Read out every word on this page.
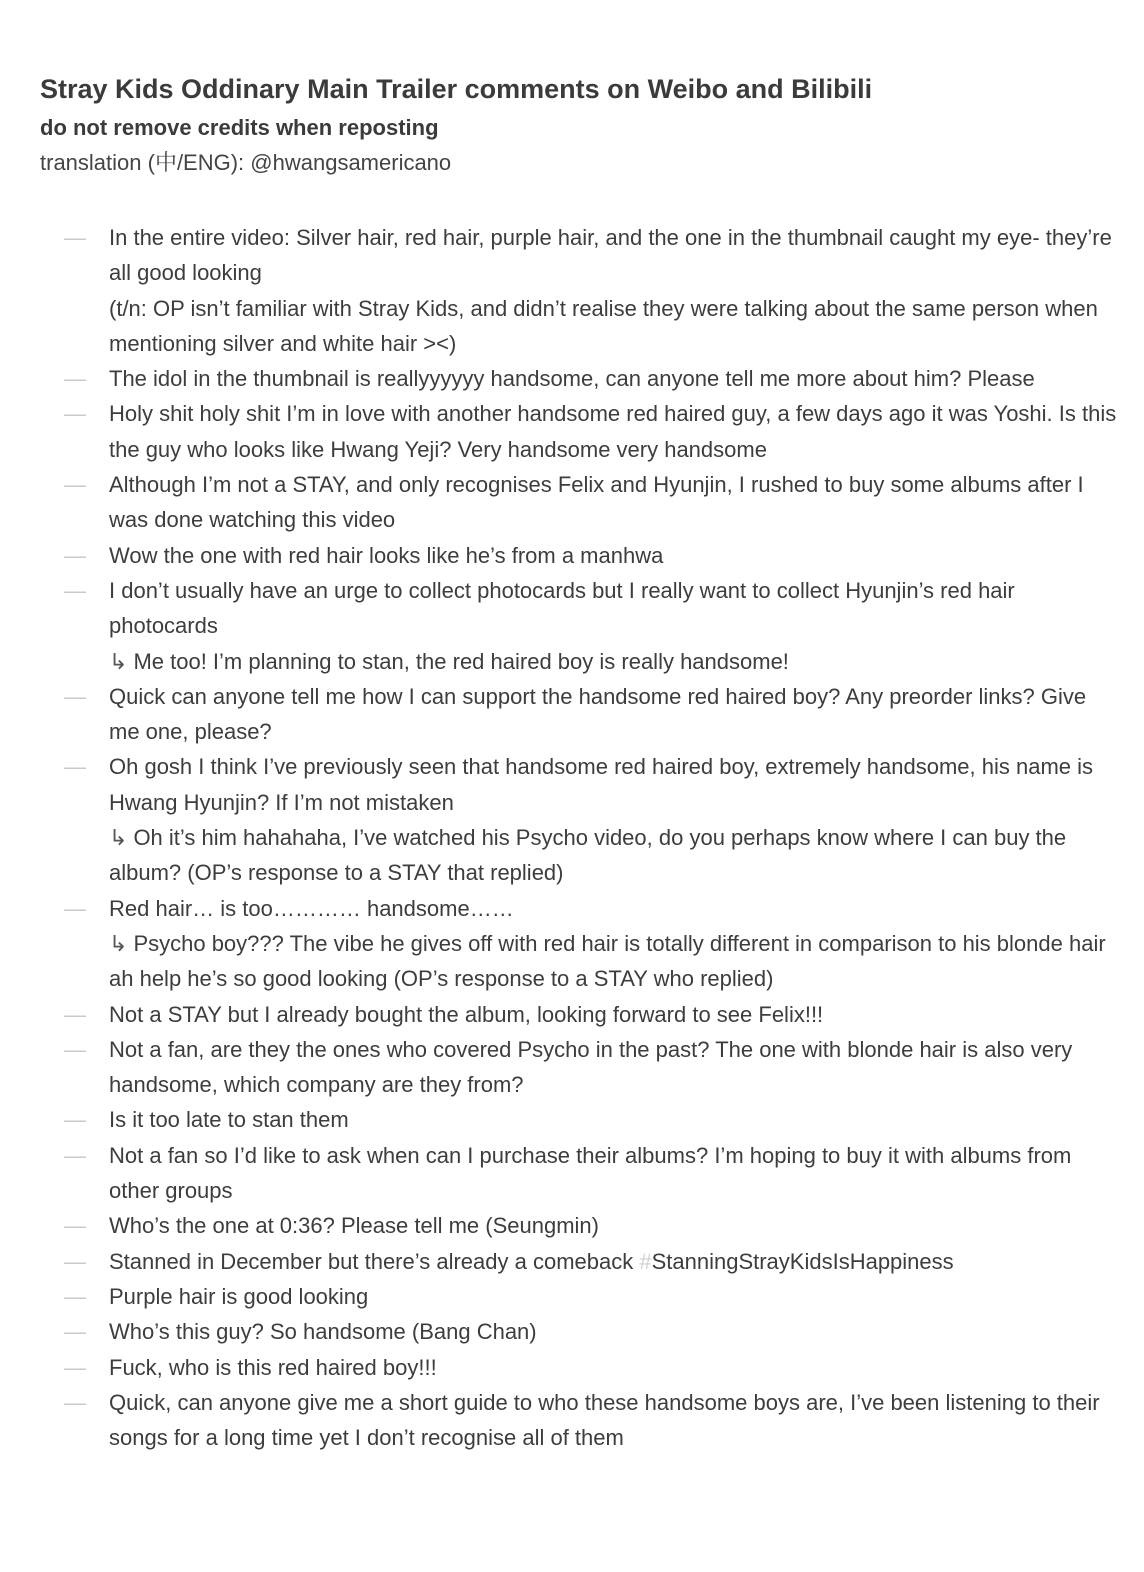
Stray Kids Oddinary Main Trailer comments on Weibo and Bilibili
do not remove credits when reposting
translation (中/ENG): @hwangsamericano
— In the entire video: Silver hair, red hair, purple hair, and the one in the thumbnail caught my eye- they’re all good looking
(t/n: OP isn’t familiar with Stray Kids, and didn’t realise they were talking about the same person when mentioning silver and white hair ><)
— The idol in the thumbnail is reallyyyyyy handsome, can anyone tell me more about him? Please
— Holy shit holy shit I’m in love with another handsome red haired guy, a few days ago it was Yoshi. Is this the guy who looks like Hwang Yeji? Very handsome very handsome
— Although I’m not a STAY, and only recognises Felix and Hyunjin, I rushed to buy some albums after I was done watching this video
— Wow the one with red hair looks like he’s from a manhwa
— I don’t usually have an urge to collect photocards but I really want to collect Hyunjin’s red hair photocards
↳ Me too! I’m planning to stan, the red haired boy is really handsome!
— Quick can anyone tell me how I can support the handsome red haired boy? Any preorder links? Give me one, please?
— Oh gosh I think I’ve previously seen that handsome red haired boy, extremely handsome, his name is Hwang Hyunjin? If I’m not mistaken
↳ Oh it’s him hahahaha, I’ve watched his Psycho video, do you perhaps know where I can buy the album? (OP’s response to a STAY that replied)
— Red hair… is too………… handsome……
↳ Psycho boy??? The vibe he gives off with red hair is totally different in comparison to his blonde hair ah help he’s so good looking (OP’s response to a STAY who replied)
— Not a STAY but I already bought the album, looking forward to see Felix!!!
— Not a fan, are they the ones who covered Psycho in the past? The one with blonde hair is also very handsome, which company are they from?
— Is it too late to stan them
— Not a fan so I’d like to ask when can I purchase their albums? I’m hoping to buy it with albums from other groups
— Who’s the one at 0:36? Please tell me (Seungmin)
— Stanned in December but there’s already a comeback #StanningStrayKidsIsHappiness
— Purple hair is good looking
— Who’s this guy? So handsome (Bang Chan)
— Fuck, who is this red haired boy!!!
— Quick, can anyone give me a short guide to who these handsome boys are, I’ve been listening to their songs for a long time yet I don’t recognise all of them
